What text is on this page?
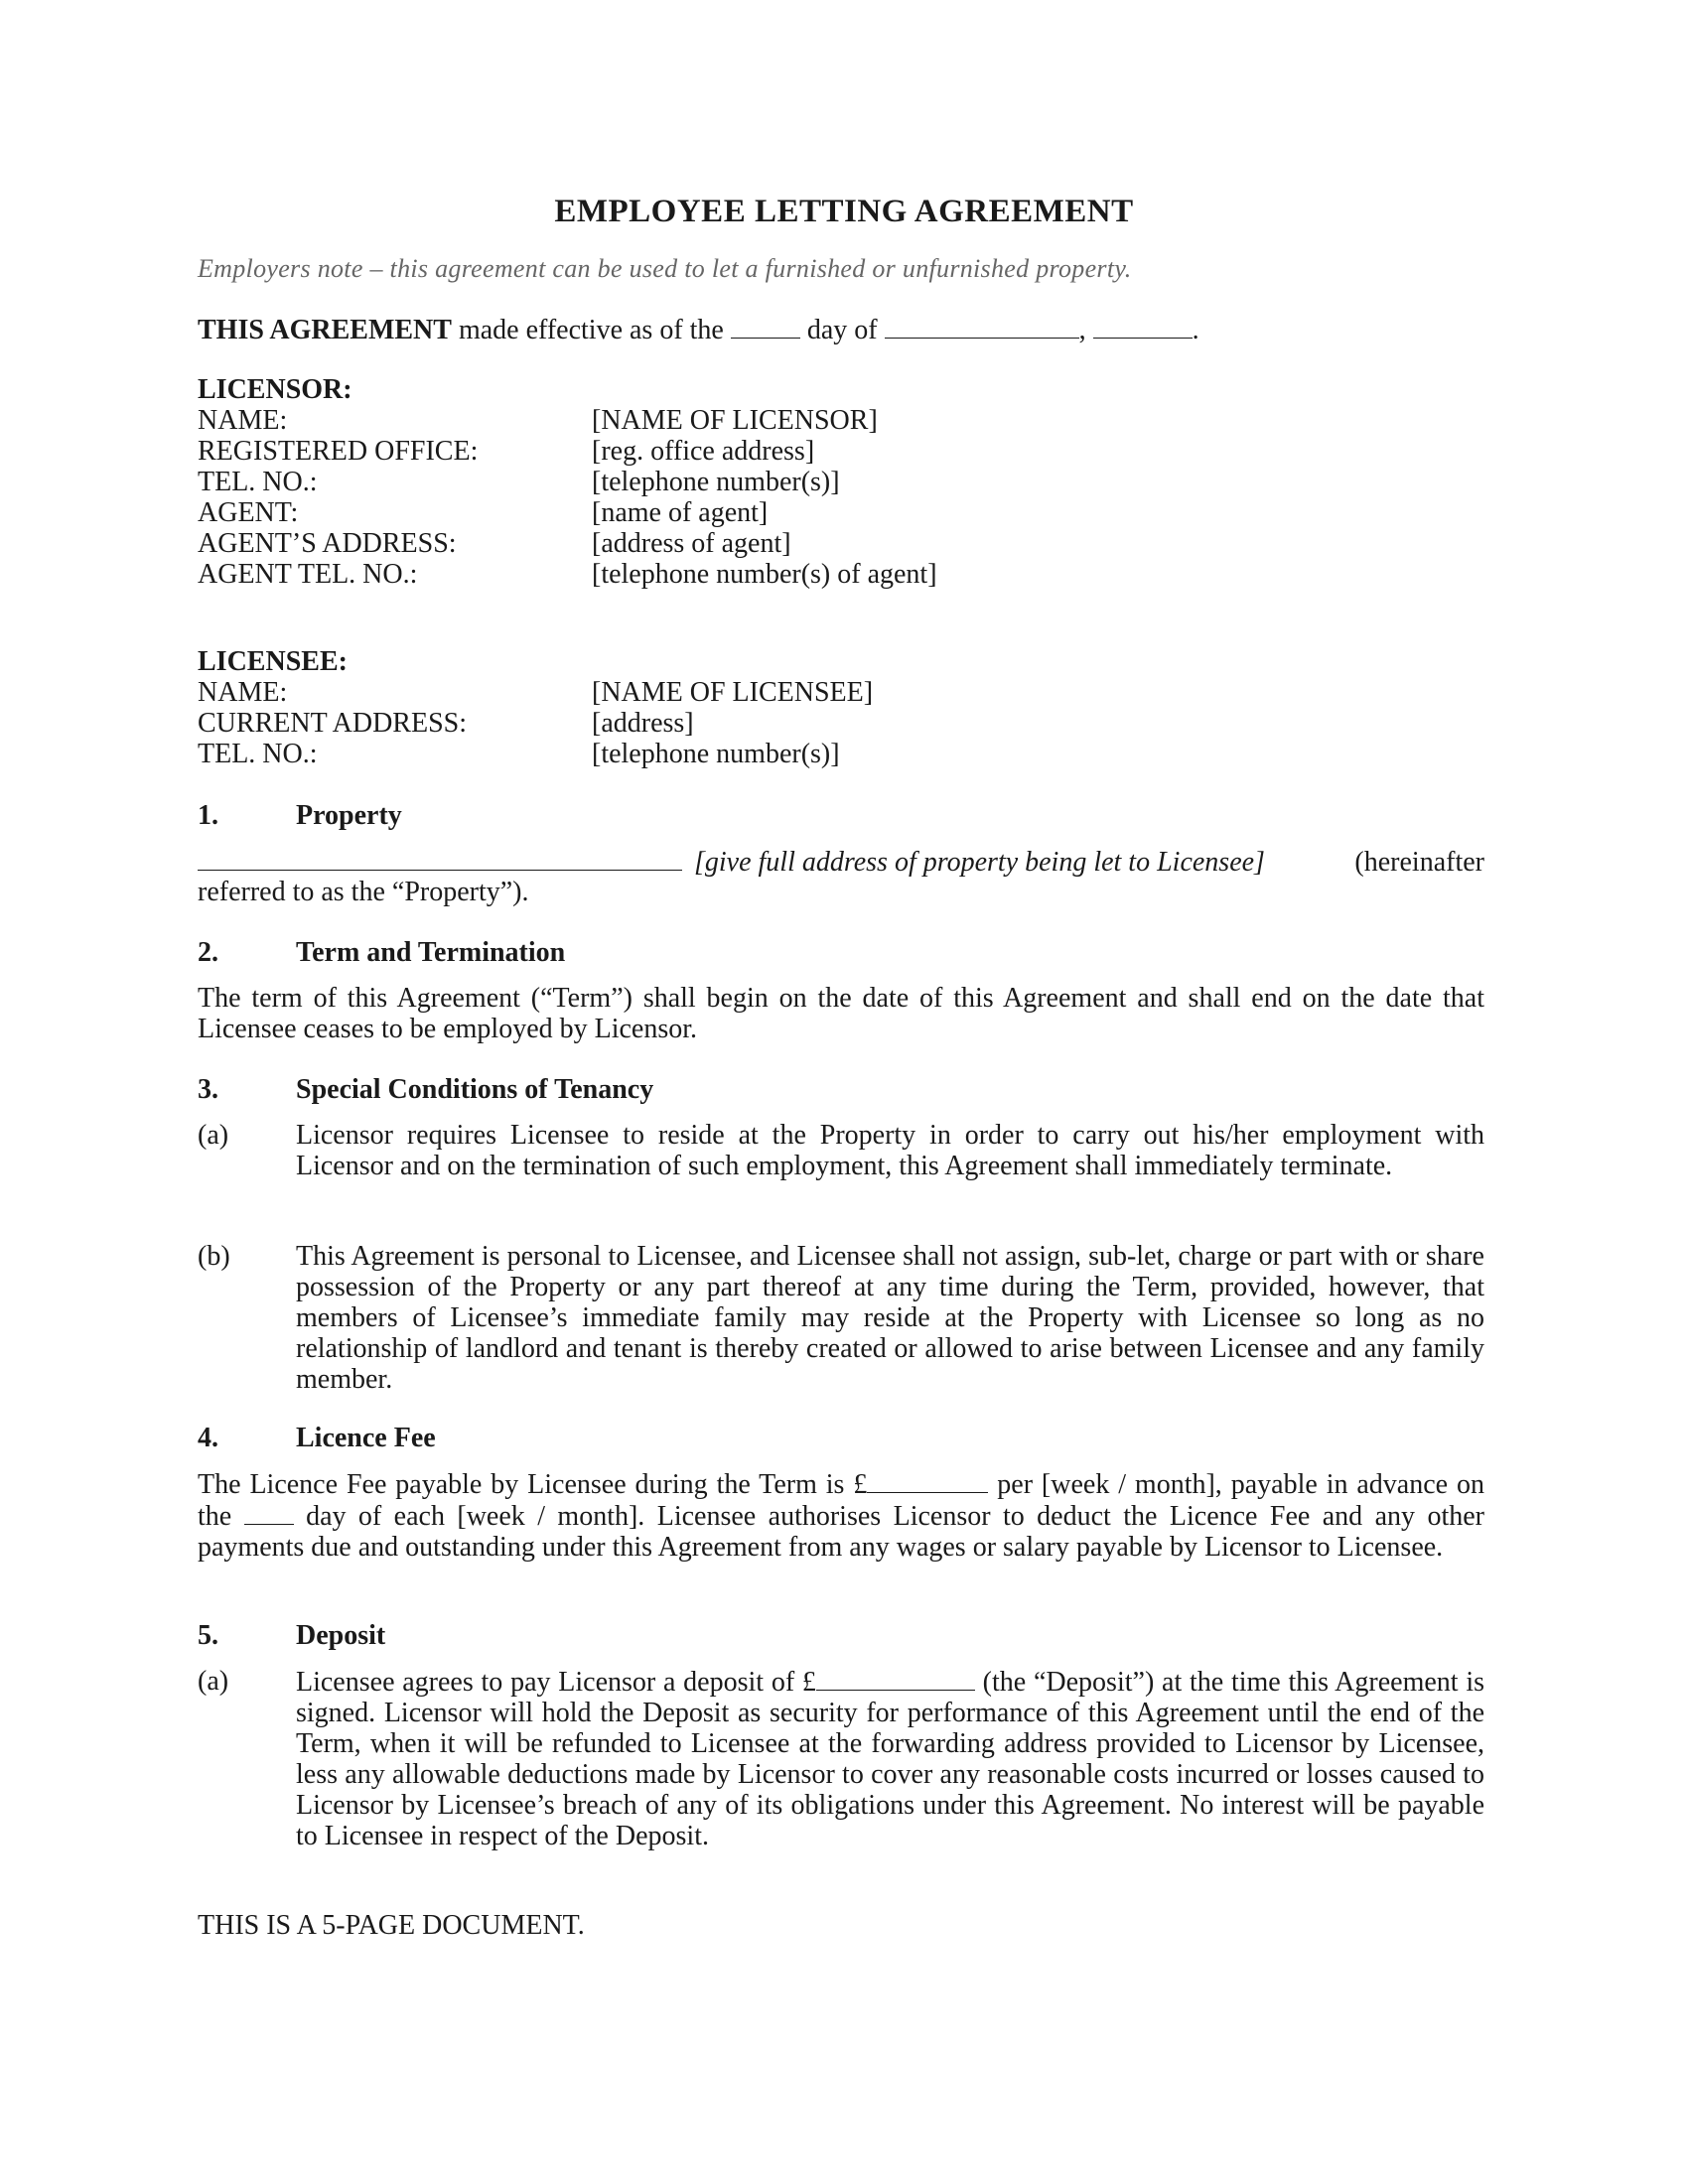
EMPLOYEE LETTING AGREEMENT

Employers note – this agreement can be used to let a furnished or unfurnished property.

THIS AGREEMENT made effective as of the	day of	,	.

LICENSOR:
NAME:	[NAME OF LICENSOR]
REGISTERED OFFICE:	[reg. office address]
TEL. NO.:	[telephone number(s)]
AGENT:	[name of agent]
AGENT’S ADDRESS:	[address of agent]
AGENT TEL. NO.:	[telephone number(s) of agent]
LICENSEE:
NAME:	[NAME OF LICENSEE]
CURRENT ADDRESS:	[address]
TEL. NO.:	[telephone number(s)]
1.	Property

[give full address of property being let to Licensee]	(hereinafter

referred to as the “Property”).

2.	Term and Termination

The term of this Agreement (“Term”) shall begin on the date of this Agreement and shall end on the date that Licensee ceases to be employed by Licensor.

3.	Special Conditions of Tenancy
(a) Licensor requires Licensee to reside at the Property in order to carry out his/her employment with Licensor and on the termination of such employment, this Agreement shall immediately terminate.

(b) This Agreement is personal to Licensee, and Licensee shall not assign, sub-let, charge or part with or share possession of the Property or any part thereof at any time during the Term, provided, however, that members of Licensee’s immediate family may reside at the Property with Licensee so long as no relationship of landlord and tenant is thereby created or allowed to arise between Licensee and any family member.

4.	Licence Fee

The Licence Fee payable by Licensee during the Term is £	per [week / month], payable in advance on the  day of each [week / month]. Licensee authorises Licensor to deduct the Licence Fee and any other payments due and outstanding under this Agreement from any wages or salary payable by Licensor to Licensee.

5.	Deposit
(a) Licensee agrees to pay Licensor a deposit of £	(the “Deposit”) at the time this Agreement is signed. Licensor will hold the Deposit as security for performance of this Agreement until the end of the Term, when it will be refunded to Licensee at the forwarding address provided to Licensor by Licensee, less any allowable deductions made by Licensor to cover any reasonable costs incurred or losses caused to Licensor by Licensee’s breach of any of its obligations under this Agreement. No interest will be payable to Licensee in respect of the Deposit.

THIS IS A 5-PAGE DOCUMENT.
